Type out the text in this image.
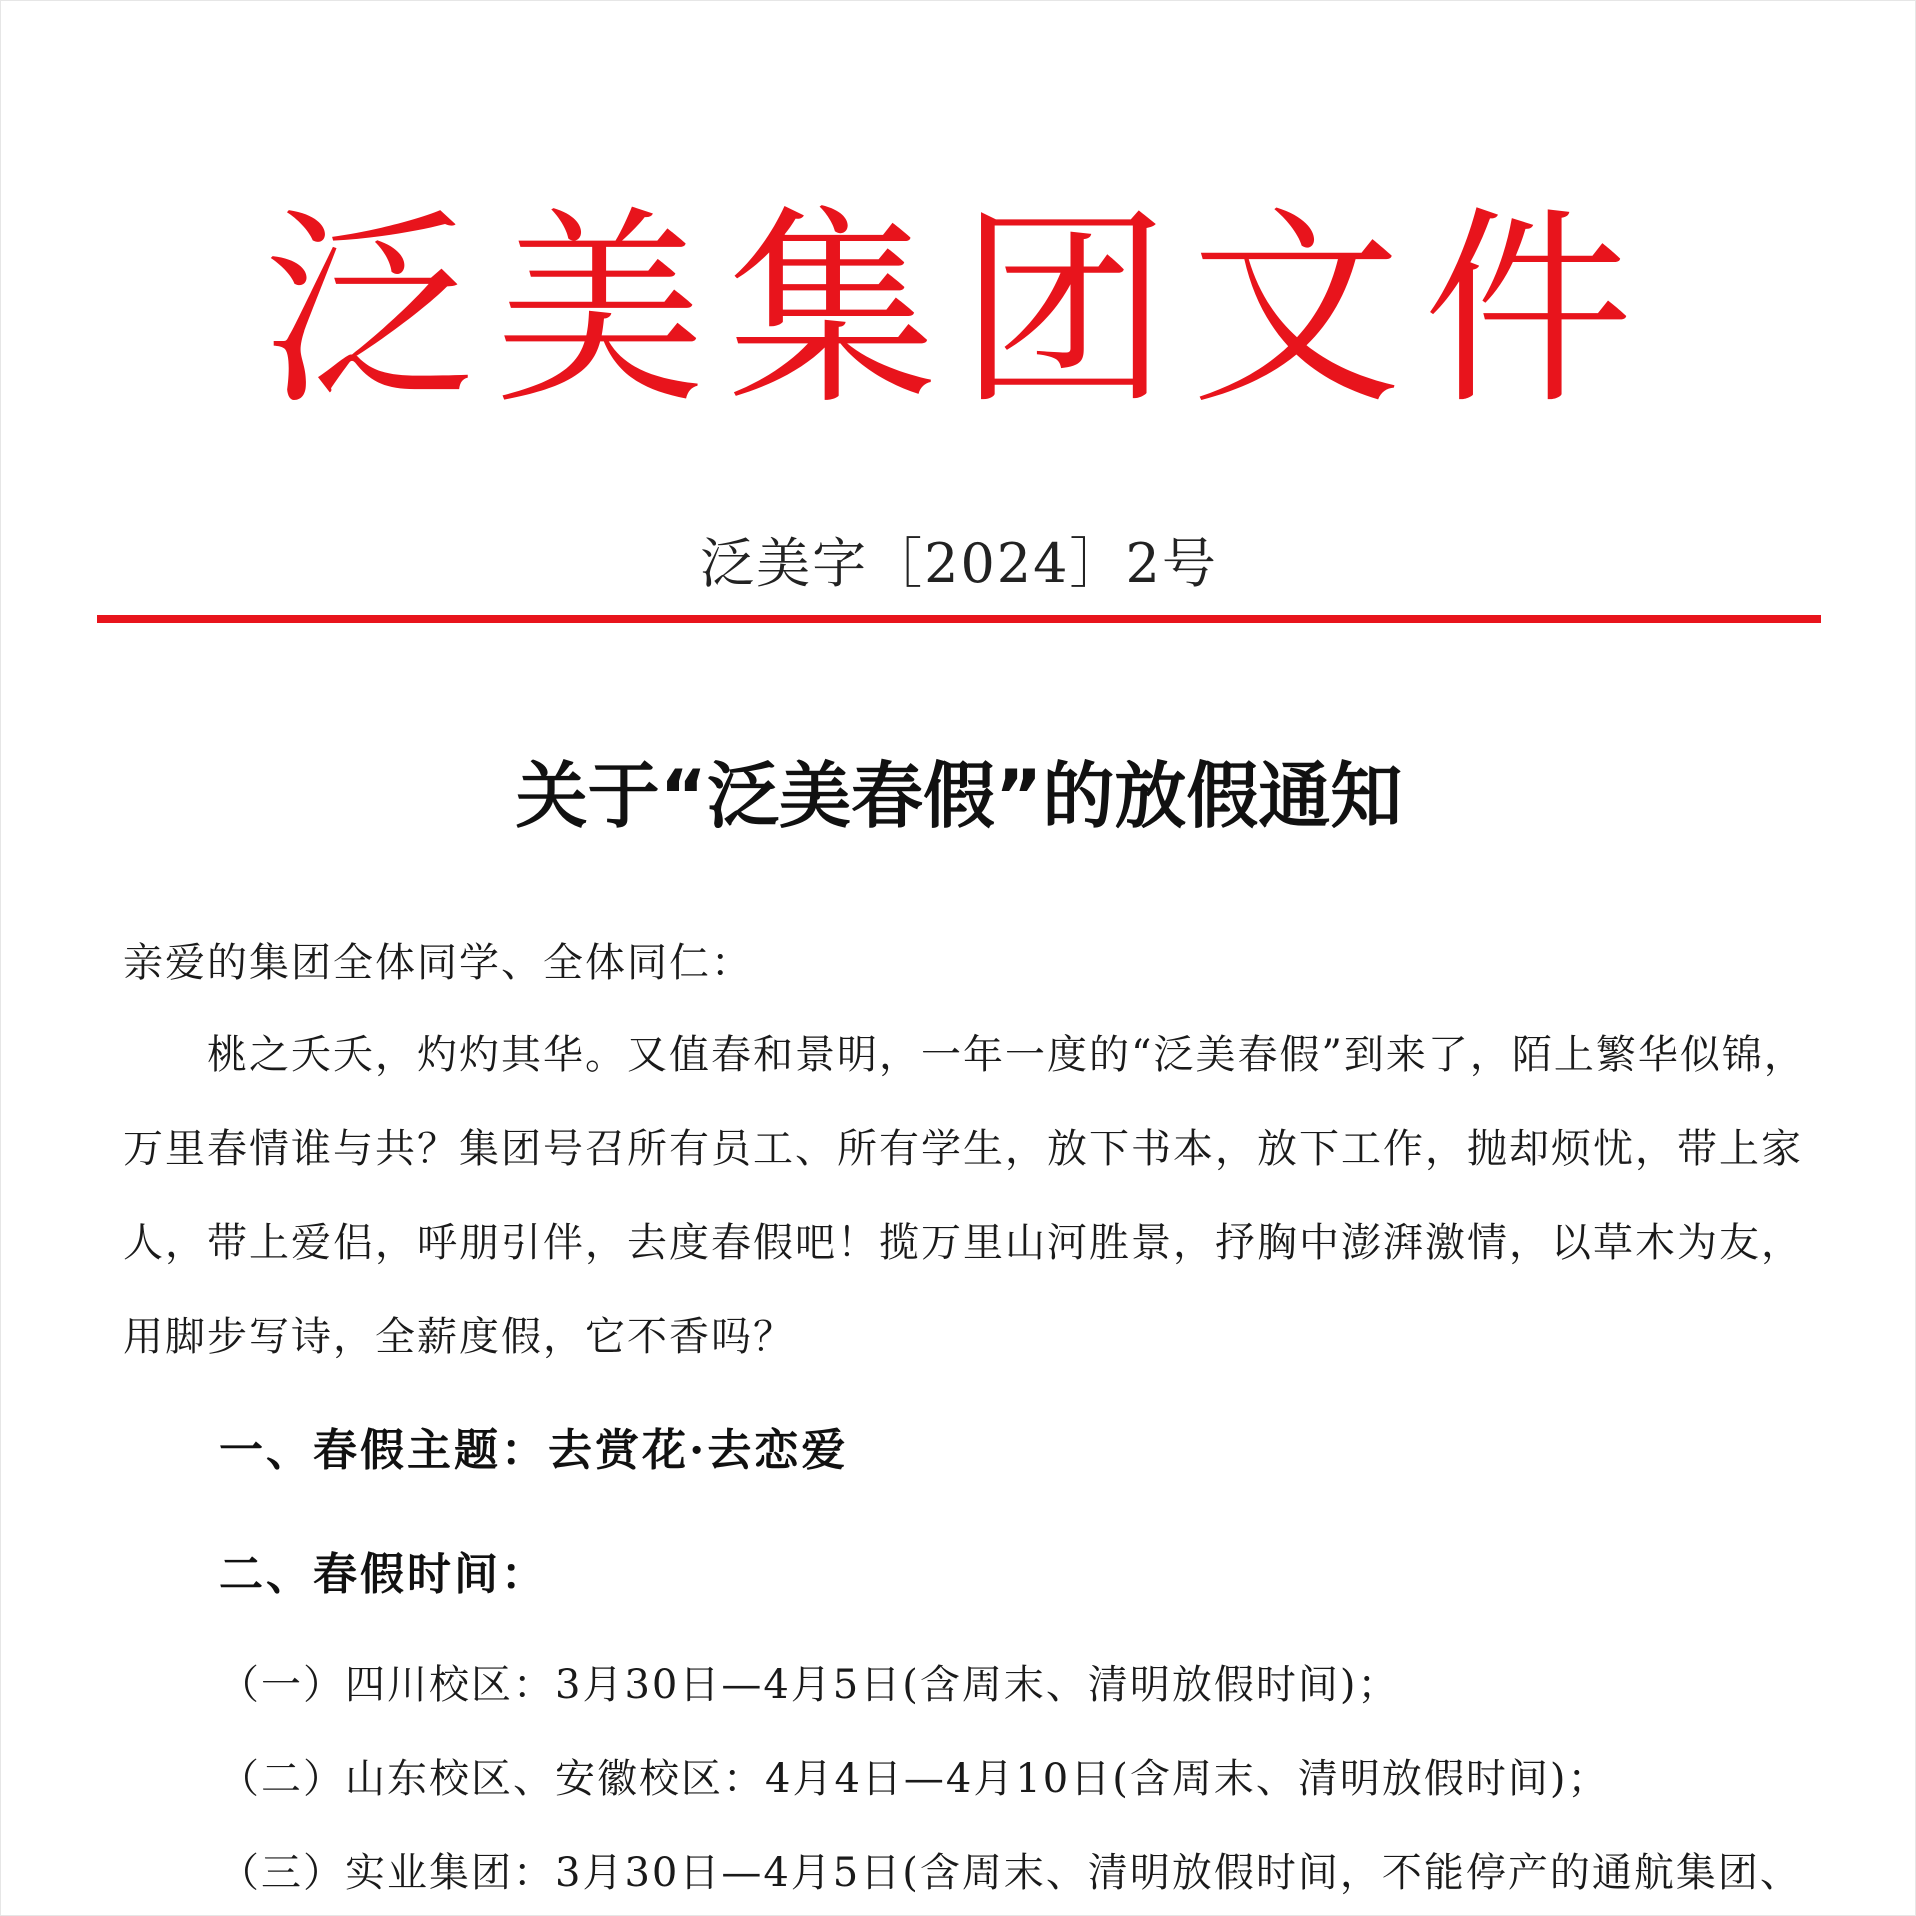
泛美集团文件
泛美字［2024］2号
关于“泛美春假”的放假通知
亲爱的集团全体同学、全体同仁：
桃之夭夭，灼灼其华。又值春和景明，一年一度的“泛美春假”到来了，陌上繁华似锦，
万里春情谁与共？集团号召所有员工、所有学生，放下书本，放下工作，抛却烦忧，带上家
人，带上爱侣，呼朋引伴，去度春假吧！揽万里山河胜景，抒胸中澎湃激情，以草木为友，
用脚步写诗，全薪度假，它不香吗？
一、春假主题：去赏花·去恋爱
二、春假时间：
（一）四川校区：3月30日—4月5日(含周末、清明放假时间)；
（二）山东校区、安徽校区：4月4日—4月10日(含周末、清明放假时间)；
（三）实业集团：3月30日—4月5日(含周末、清明放假时间，不能停产的通航集团、
